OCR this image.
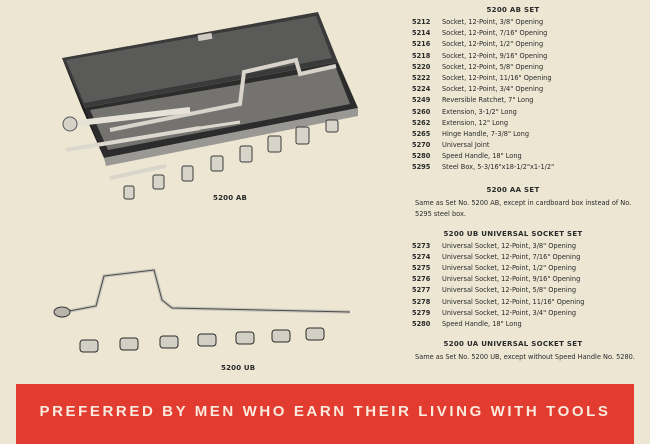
5200 AB
5200 UB

5200 AB SET

5212	Socket, 12-Point, 3/8" Opening
5214	Socket, 12-Point, 7/16" Opening
5216	Socket, 12-Point, 1/2" Opening
5218	Socket, 12-Point, 9/16" Opening
5220	Socket, 12-Point, 5/8" Opening
5222	Socket, 12-Point, 11/16" Opening
5224	Socket, 12-Point, 3/4" Opening
5249	Reversible Ratchet, 7" Long
5260	Extension, 3-1/2" Long
5262	Extension, 12" Long
5265	Hinge Handle, 7-3/8" Long
5270	Universal Joint
5280	Speed Handle, 18" Long
5295	Steel Box, 5-3/16"x18-1/2"x1-1/2"

5200 AA SET

Same as Set No. 5200 AB, except in cardboard box instead of No. 5295 steel box.

5200 UB UNIVERSAL SOCKET SET

5273	Universal Socket, 12-Point, 3/8" Opening
5274	Universal Socket, 12-Point, 7/16" Opening
5275	Universal Socket, 12-Point, 1/2" Opening
5276	Universal Socket, 12-Point, 9/16" Opening
5277	Universal Socket, 12-Point, 5/8" Opening
5278	Universal Socket, 12-Point, 11/16" Opening
5279	Universal Socket, 12-Point, 3/4" Opening
5280	Speed Handle, 18" Long

5200 UA UNIVERSAL SOCKET SET

Same as Set No. 5200 UB, except without Speed Handle No. 5280.

PREFERRED BY MEN WHO EARN THEIR LIVING WITH TOOLS
